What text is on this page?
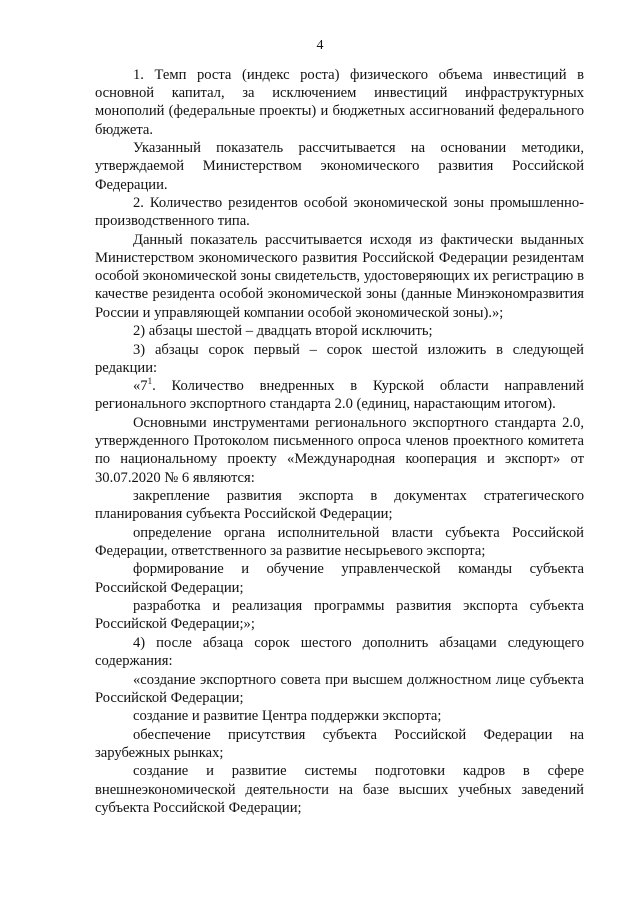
4

1. Темп роста (индекс роста) физического объема инвестиций в основной капитал, за исключением инвестиций инфраструктурных монополий (федеральные проекты) и бюджетных ассигнований федерального бюджета.

Указанный показатель рассчитывается на основании методики, утверждаемой Министерством экономического развития Российской Федерации.

2. Количество резидентов особой экономической зоны промышленно-производственного типа.

Данный показатель рассчитывается исходя из фактически выданных Министерством экономического развития Российской Федерации резидентам особой экономической зоны свидетельств, удостоверяющих их регистрацию в качестве резидента особой экономической зоны (данные Минэкономразвития России и управляющей компании особой экономической зоны).»;

2) абзацы шестой – двадцать второй исключить;

3) абзацы сорок первый – сорок шестой изложить в следующей редакции:

«$7^1$. Количество внедренных в Курской области направлений регионального экспортного стандарта 2.0 (единиц, нарастающим итогом).

Основными инструментами регионального экспортного стандарта 2.0, утвержденного Протоколом письменного опроса членов проектного комитета по национальному проекту «Международная кооперация и экспорт» от 30.07.2020 № 6 являются:

закрепление развития экспорта в документах стратегического планирования субъекта Российской Федерации;

определение органа исполнительной власти субъекта Российской Федерации, ответственного за развитие несырьевого экспорта;

формирование и обучение управленческой команды субъекта Российской Федерации;

разработка и реализация программы развития экспорта субъекта Российской Федерации;»;

4) после абзаца сорок шестого дополнить абзацами следующего содержания:

«создание экспортного совета при высшем должностном лице субъекта Российской Федерации;

создание и развитие Центра поддержки экспорта;

обеспечение присутствия субъекта Российской Федерации на зарубежных рынках;

создание и развитие системы подготовки кадров в сфере внешнеэкономической деятельности на базе высших учебных заведений субъекта Российской Федерации;
